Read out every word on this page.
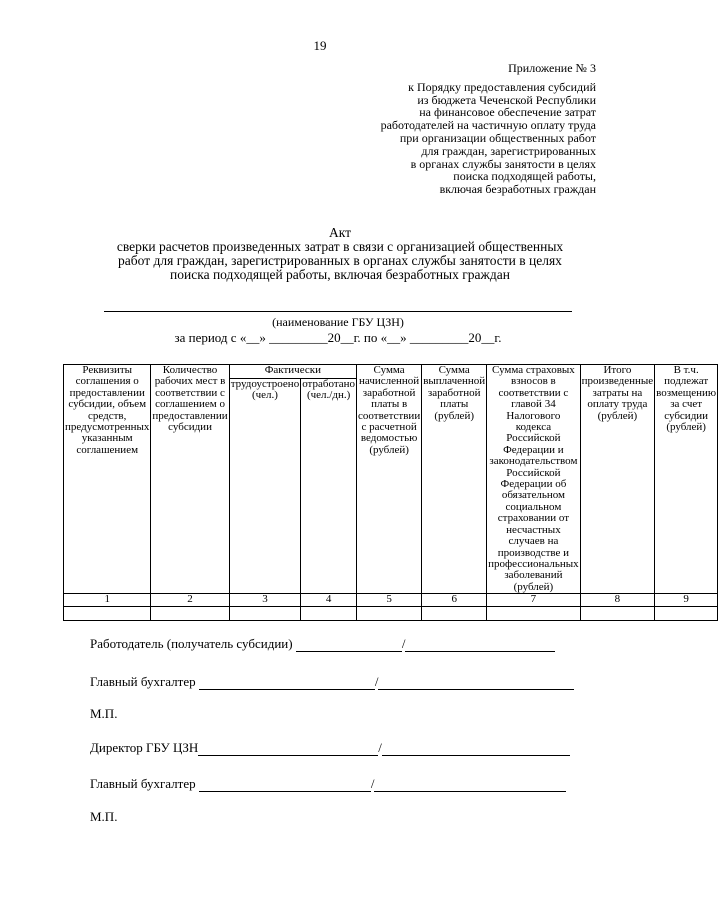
19
Приложение № 3
к Порядку предоставления субсидий
из бюджета Чеченской Республики
на финансовое обеспечение затрат
работодателей на частичную оплату труда
при организации общественных работ
для граждан, зарегистрированных
в органах службы занятости в целях
поиска подходящей работы,
включая безработных граждан
Акт
сверки расчетов произведенных затрат в связи с организацией общественных
работ для граждан, зарегистрированных в органах службы занятости в целях
поиска подходящей работы, включая безработных граждан
(наименование ГБУ ЦЗН)
за период с «__» _________20__г. по «__» _________20__г.
Реквизиты соглашения о предоставлении субсидии, объем средств, предусмотренных указанным соглашением	Количество рабочих мест в соответствии с соглашением о предоставлении субсидии	Фактически		Сумма начисленной заработной платы в соответствии с расчетной ведомостью (рублей)	Сумма выплаченной заработной платы (рублей)	Сумма страховых взносов в соответствии с главой 34 Налогового кодекса Российской Федерации и законодательством Российской Федерации об обязательном социальном страховании от несчастных случаев на производстве и профессиональных заболеваний (рублей)	Итого произведенные затраты на оплату труда (рублей)	В т.ч. подлежат возмещению за счет субсидии (рублей)
		трудоустроено (чел.)	отработано (чел./дн.)					
1	2	3	4	5	6	7	8	9

Работодатель (получатель субсидии)	/
Главный бухгалтер	/
М.П.
Директор ГБУ ЦЗН	/
Главный бухгалтер	/
М.П.
